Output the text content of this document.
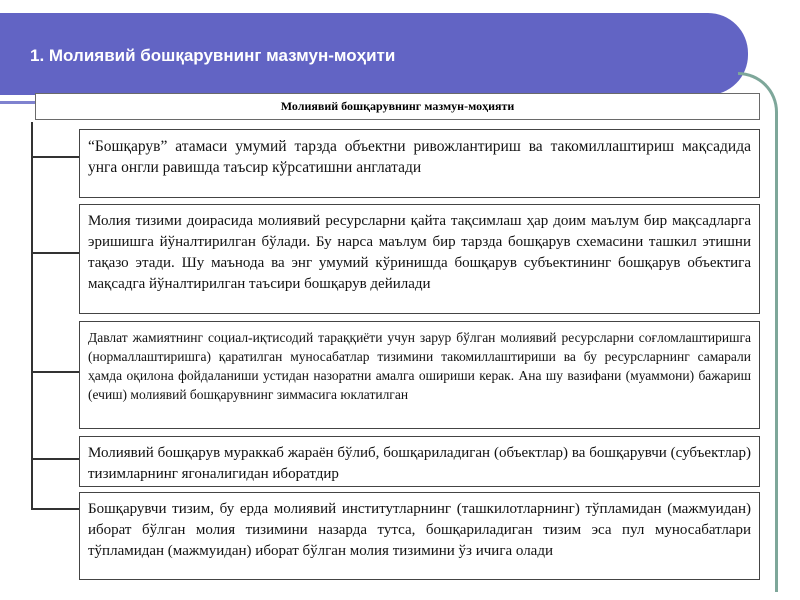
1. Молиявий бошқарувнинг мазмун-моҳити
Молиявий бошқарувнинг мазмун-моҳияти
“Бошқарув” атамаси умумий тарзда объектни ривожлантириш ва такомиллаштириш мақсадида унга онгли равишда таъсир кўрсатишни англатади
Молия тизими доирасида молиявий ресурсларни қайта тақсимлаш ҳар доим маълум бир мақсадларга эришишга йўналтирилган бўлади. Бу нарса маълум бир тарзда бошқарув схемасини ташкил этишни тақазо этади. Шу маънода ва энг умумий кўринишда бошқарув субъектининг бошқарув объектига мақсадга йўналтирилган таъсири бошқарув дейилади
Давлат жамиятнинг социал-иқтисодий тараққиёти учун зарур бўлган молиявий ресурсларни соғломлаштиришга (нормаллаштиришга) қаратилган муносабатлар тизимини такомиллаштириши ва бу ресурсларнинг самарали ҳамда оқилона фойдаланиши устидан назоратни амалга ошириши керак. Ана шу вазифани (муаммони) бажариш (ечиш) молиявий бошқарувнинг зиммасига юклатилган
Молиявий бошқарув мураккаб жараён бўлиб, бошқариладиган (объектлар) ва бошқарувчи (субъектлар) тизимларнинг ягоналигидан иборатдир
Бошқарувчи тизим, бу ерда молиявий институтларнинг (ташкилотларнинг) тўпламидан (мажмуидан) иборат бўлган молия тизимини назарда тутса, бошқариладиган тизим эса пул муносабатлари тўпламидан (мажмуидан) иборат бўлган молия тизимини ўз ичига олади
